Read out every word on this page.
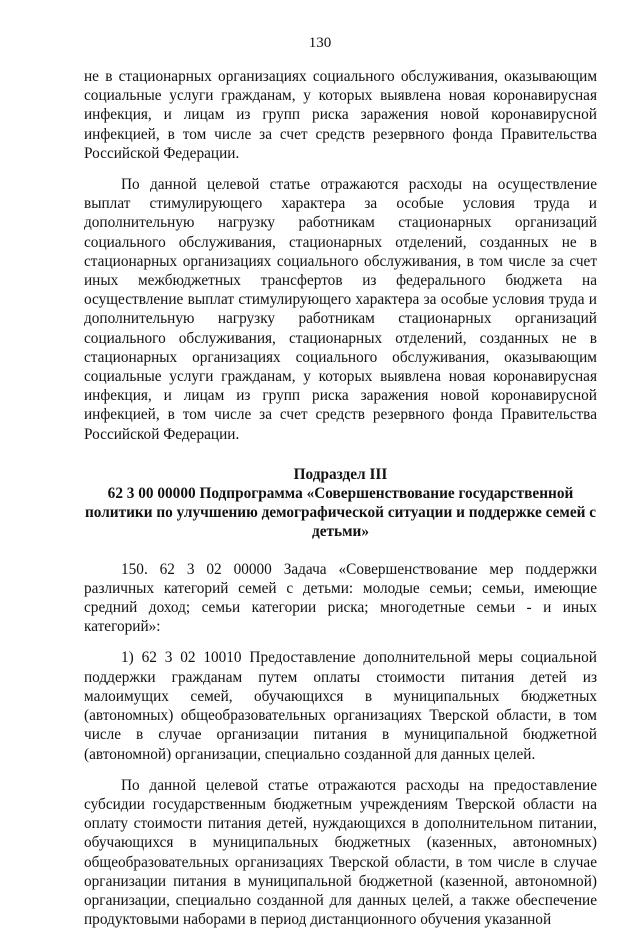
130

не в стационарных организациях социального обслуживания, оказывающим социальные услуги гражданам, у которых выявлена новая коронавирусная инфекция, и лицам из групп риска заражения новой коронавирусной инфекцией, в том числе за счет средств резервного фонда Правительства Российской Федерации.

По данной целевой статье отражаются расходы на осуществление выплат стимулирующего характера за особые условия труда и дополнительную нагрузку работникам стационарных организаций социального обслуживания, стационарных отделений, созданных не в стационарных организациях социального обслуживания, в том числе за счет иных межбюджетных трансфертов из федерального бюджета на осуществление выплат стимулирующего характера за особые условия труда и дополнительную нагрузку работникам стационарных организаций социального обслуживания, стационарных отделений, созданных не в стационарных организациях социального обслуживания, оказывающим социальные услуги гражданам, у которых выявлена новая коронавирусная инфекция, и лицам из групп риска заражения новой коронавирусной инфекцией, в том числе за счет средств резервного фонда Правительства Российской Федерации.

Подраздел III
62 3 00 00000 Подпрограмма «Совершенствование государственной политики по улучшению демографической ситуации и поддержке семей с детьми»

150. 62 3 02 00000 Задача «Совершенствование мер поддержки различных категорий семей с детьми: молодые семьи; семьи, имеющие средний доход; семьи категории риска; многодетные семьи - и иных категорий»:

1) 62 3 02 10010 Предоставление дополнительной меры социальной поддержки гражданам путем оплаты стоимости питания детей из малоимущих семей, обучающихся в муниципальных бюджетных (автономных) общеобразовательных организациях Тверской области, в том числе в случае организации питания в муниципальной бюджетной (автономной) организации, специально созданной для данных целей.

По данной целевой статье отражаются расходы на предоставление субсидии государственным бюджетным учреждениям Тверской области на оплату стоимости питания детей, нуждающихся в дополнительном питании, обучающихся в муниципальных бюджетных (казенных, автономных) общеобразовательных организациях Тверской области, в том числе в случае организации питания в муниципальной бюджетной (казенной, автономной) организации, специально созданной для данных целей, а также обеспечение продуктовыми наборами в период дистанционного обучения указанной
